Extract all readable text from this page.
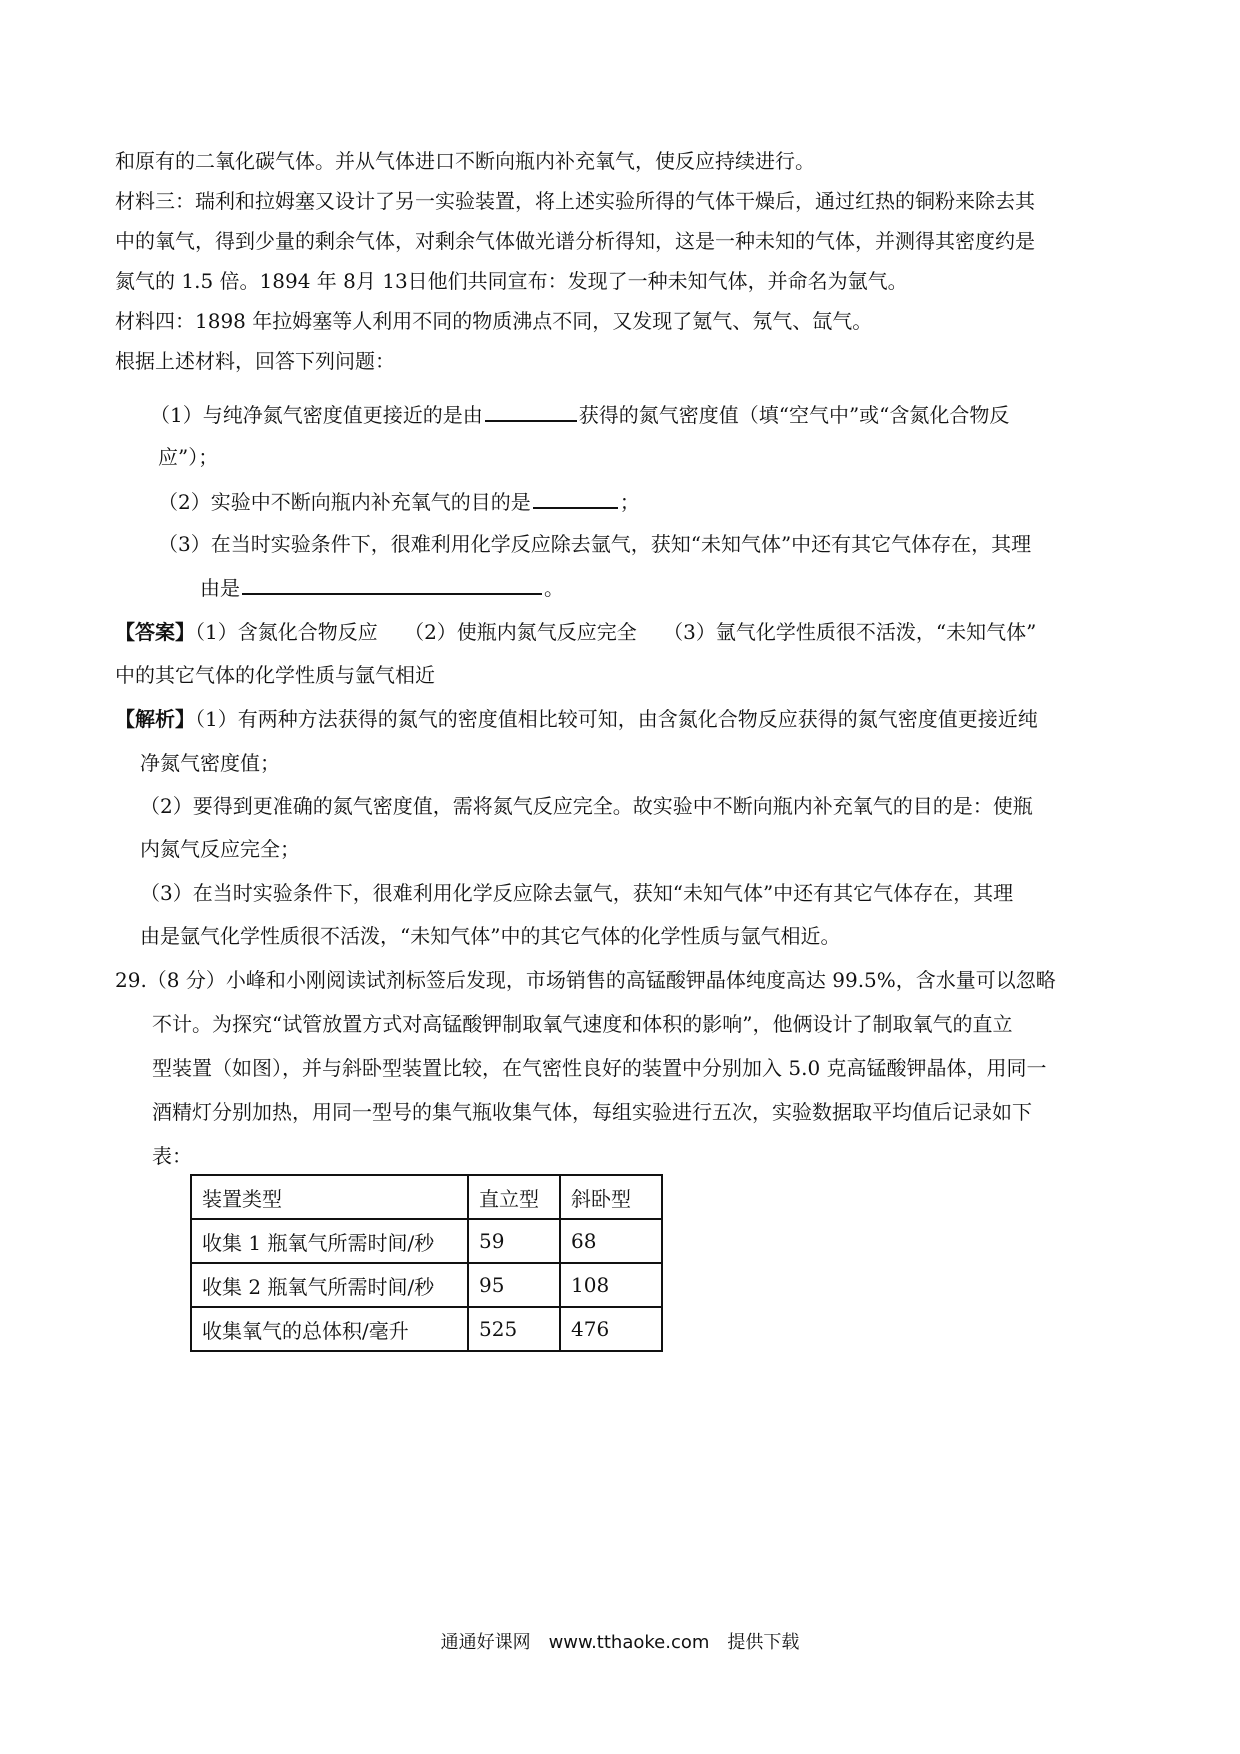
和原有的二氧化碳气体。并从气体进口不断向瓶内补充氧气，使反应持续进行。
材料三：瑞利和拉姆塞又设计了另一实验装置，将上述实验所得的气体干燥后，通过红热的铜粉来除去其
中的氧气，得到少量的剩余气体，对剩余气体做光谱分析得知，这是一种未知的气体，并测得其密度约是
氮气的 1.5 倍。1894 年 8月 13日他们共同宣布：发现了一种未知气体，并命名为氩气。
材料四：1898 年拉姆塞等人利用不同的物质沸点不同，又发现了氪气、氖气、氙气。
根据上述材料，回答下列问题：
（1）与纯净氮气密度值更接近的是由	获得的氮气密度值（填“空气中”或“含氮化合物反
应”）；
（2）实验中不断向瓶内补充氧气的目的是	；
（3）在当时实验条件下，很难利用化学反应除去氩气，获知“未知气体”中还有其它气体存在，其理
由是	。
【答案】（1）含氮化合物反应　 （2）使瓶内氮气反应完全　 （3）氩气化学性质很不活泼，“未知气体”
中的其它气体的化学性质与氩气相近
【解析】（1）有两种方法获得的氮气的密度值相比较可知，由含氮化合物反应获得的氮气密度值更接近纯
净氮气密度值；
（2）要得到更准确的氮气密度值，需将氮气反应完全。故实验中不断向瓶内补充氧气的目的是：使瓶
内氮气反应完全；
（3）在当时实验条件下，很难利用化学反应除去氩气，获知“未知气体”中还有其它气体存在，其理
由是氩气化学性质很不活泼，“未知气体”中的其它气体的化学性质与氩气相近。
29.（8 分）小峰和小刚阅读试剂标签后发现，市场销售的高锰酸钾晶体纯度高达 99.5%，含水量可以忽略
不计。为探究“试管放置方式对高锰酸钾制取氧气速度和体积的影响”，他俩设计了制取氧气的直立
型装置（如图），并与斜卧型装置比较，在气密性良好的装置中分别加入 5.0 克高锰酸钾晶体，用同一
酒精灯分别加热，用同一型号的集气瓶收集气体，每组实验进行五次，实验数据取平均值后记录如下
表：
装置类型	直立型	斜卧型
收集 1 瓶氧气所需时间/秒	59	68
收集 2 瓶氧气所需时间/秒	95	108
收集氧气的总体积/毫升	525	476
通通好课网　www.tthaoke.com　提供下载
